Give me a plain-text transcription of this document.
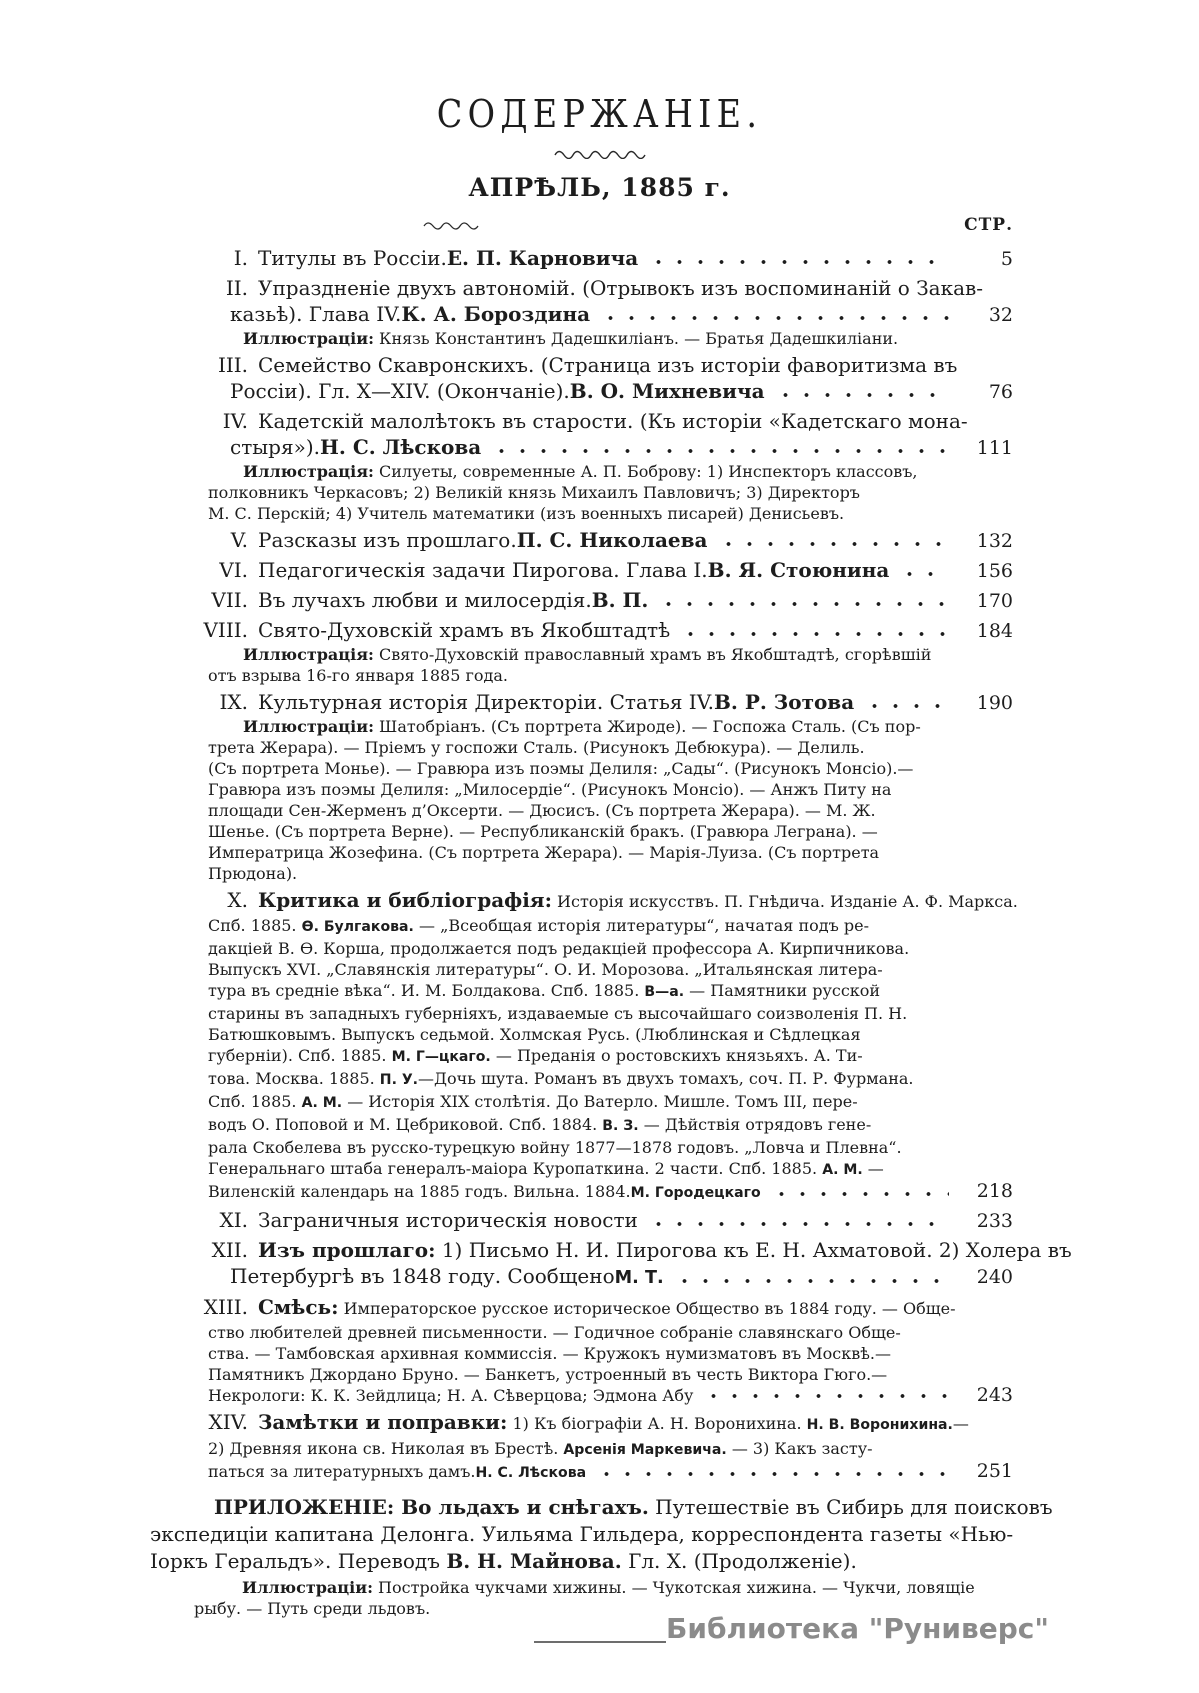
СОДЕРЖАНІЕ.
АПРѢЛЬ, 1885 г.
СТР.
I. Титулы въ Россіи. Е. П. Карновича	5
II. Упраздненіе двухъ автономій. (Отрывокъ изъ воспоминаній о Закав-
казьѣ). Глава IV. К. А. Бороздина	32
Иллюстраціи: Князь Константинъ Дадешкиліанъ. — Братья Дадешкиліани.
III. Семейство Скавронскихъ. (Страница изъ исторіи фаворитизма въ
Россіи). Гл. X—XIV. (Окончаніе). В. О. Михневича	76
IV. Кадетскій малолѣтокъ въ старости. (Къ исторіи «Кадетскаго мона-
стыря»). Н. С. Лѣскова	111
Иллюстрація: Силуеты, современные А. П. Боброву: 1) Инспекторъ классовъ,
полковникъ Черкасовъ; 2) Великій князь Михаилъ Павловичъ; 3) Директоръ
М. С. Перскій; 4) Учитель математики (изъ военныхъ писарей) Денисьевъ.
V. Разсказы изъ прошлаго. П. С. Николаева	132
VI. Педагогическія задачи Пирогова. Глава I. В. Я. Стоюнина	156
VII. Въ лучахъ любви и милосердія. В. П.	170
VIII. Свято-Духовскій храмъ въ Якобштадтѣ	184
Иллюстрація: Свято-Духовскій православный храмъ въ Якобштадтѣ, сгорѣвшій
отъ взрыва 16-го января 1885 года.
IX. Культурная исторія Директоріи. Статья IV. В. Р. Зотова	190
Иллюстраціи: Шатобріанъ. (Съ портрета Жироде). — Госпожа Сталь. (Съ пор-
трета Жерара). — Пріемъ у госпожи Сталь. (Рисунокъ Дебюкура). — Делиль.
(Съ портрета Монье). — Гравюра изъ поэмы Делиля: „Сады“. (Рисунокъ Монсіо).—
Гравюра изъ поэмы Делиля: „Милосердіе“. (Рисунокъ Монсіо). — Анжъ Питу на
площади Сен-Жерменъ д’Оксерти. — Дюсисъ. (Съ портрета Жерара). — М. Ж.
Шенье. (Съ портрета Верне). — Республиканскій бракъ. (Гравюра Леграна). —
Императрица Жозефина. (Съ портрета Жерара). — Марія-Луиза. (Съ портрета
Прюдона).
X. Критика и библіографія: Исторія искусствъ. П. Гнѣдича. Изданіе А. Ф. Маркса.
Спб. 1885. Ѳ. Булгакова. — „Всеобщая исторія литературы“, начатая подъ ре-
дакціей В. Ѳ. Корша, продолжается подъ редакціей профессора А. Кирпичникова.
Выпускъ XVI. „Славянскія литературы“. О. И. Морозова. „Итальянская литера-
тура въ средніе вѣка“. И. М. Болдакова. Спб. 1885. В—а. — Памятники русской
старины въ западныхъ губерніяхъ, издаваемые съ высочайшаго соизволенія П. Н.
Батюшковымъ. Выпускъ седьмой. Холмская Русь. (Люблинская и Сѣдлецкая
губерніи). Спб. 1885. М. Г—цкаго. — Преданія о ростовскихъ князьяхъ. А. Ти-
това. Москва. 1885. П. У.—Дочь шута. Романъ въ двухъ томахъ, соч. П. Р. Фурмана.
Спб. 1885. А. М. — Исторія XIX столѣтія. До Ватерло. Мишле. Томъ III, пере-
водъ О. Поповой и М. Цебриковой. Спб. 1884. В. З. — Дѣйствія отрядовъ гене-
рала Скобелева въ русско-турецкую войну 1877—1878 годовъ. „Ловча и Плевна“.
Генеральнаго штаба генералъ-маіора Куропаткина. 2 части. Спб. 1885. А. М. —
Виленскій календарь на 1885 годъ. Вильна. 1884. М. Городецкаго	218
XI. Заграничныя историческія новости	233
XII. Изъ прошлаго: 1) Письмо Н. И. Пирогова къ Е. Н. Ахматовой. 2) Холера въ
Петербургѣ въ 1848 году. Сообщено М. Т.	240
XIII. Смѣсь: Императорское русское историческое Общество въ 1884 году. — Обще-
ство любителей древней письменности. — Годичное собраніе славянскаго Обще-
ства. — Тамбовская архивная коммиссія. — Кружокъ нумизматовъ въ Москвѣ.—
Памятникъ Джордано Бруно. — Банкетъ, устроенный въ честь Виктора Гюго.—
Некрологи: К. К. Зейдлица; Н. А. Сѣверцова; Эдмона Абу	243
XIV. Замѣтки и поправки: 1) Къ біографіи А. Н. Воронихина. Н. В. Воронихина.—
2) Древняя икона св. Николая въ Брестѣ. Арсенія Маркевича. — 3) Какъ засту-
паться за литературныхъ дамъ. Н. С. Лѣскова	251
ПРИЛОЖЕНІЕ: Во льдахъ и снѣгахъ. Путешествіе въ Сибирь для поисковъ
экспедиціи капитана Делонга. Уильяма Гильдера, корреспондента газеты «Нью-
Іоркъ Геральдъ». Переводъ В. Н. Майнова. Гл. X. (Продолженіе).
Иллюстраціи: Постройка чукчами хижины. — Чукотская хижина. — Чукчи, ловящіе
рыбу. — Путь среди льдовъ.
Библиотека "Руниверс"
